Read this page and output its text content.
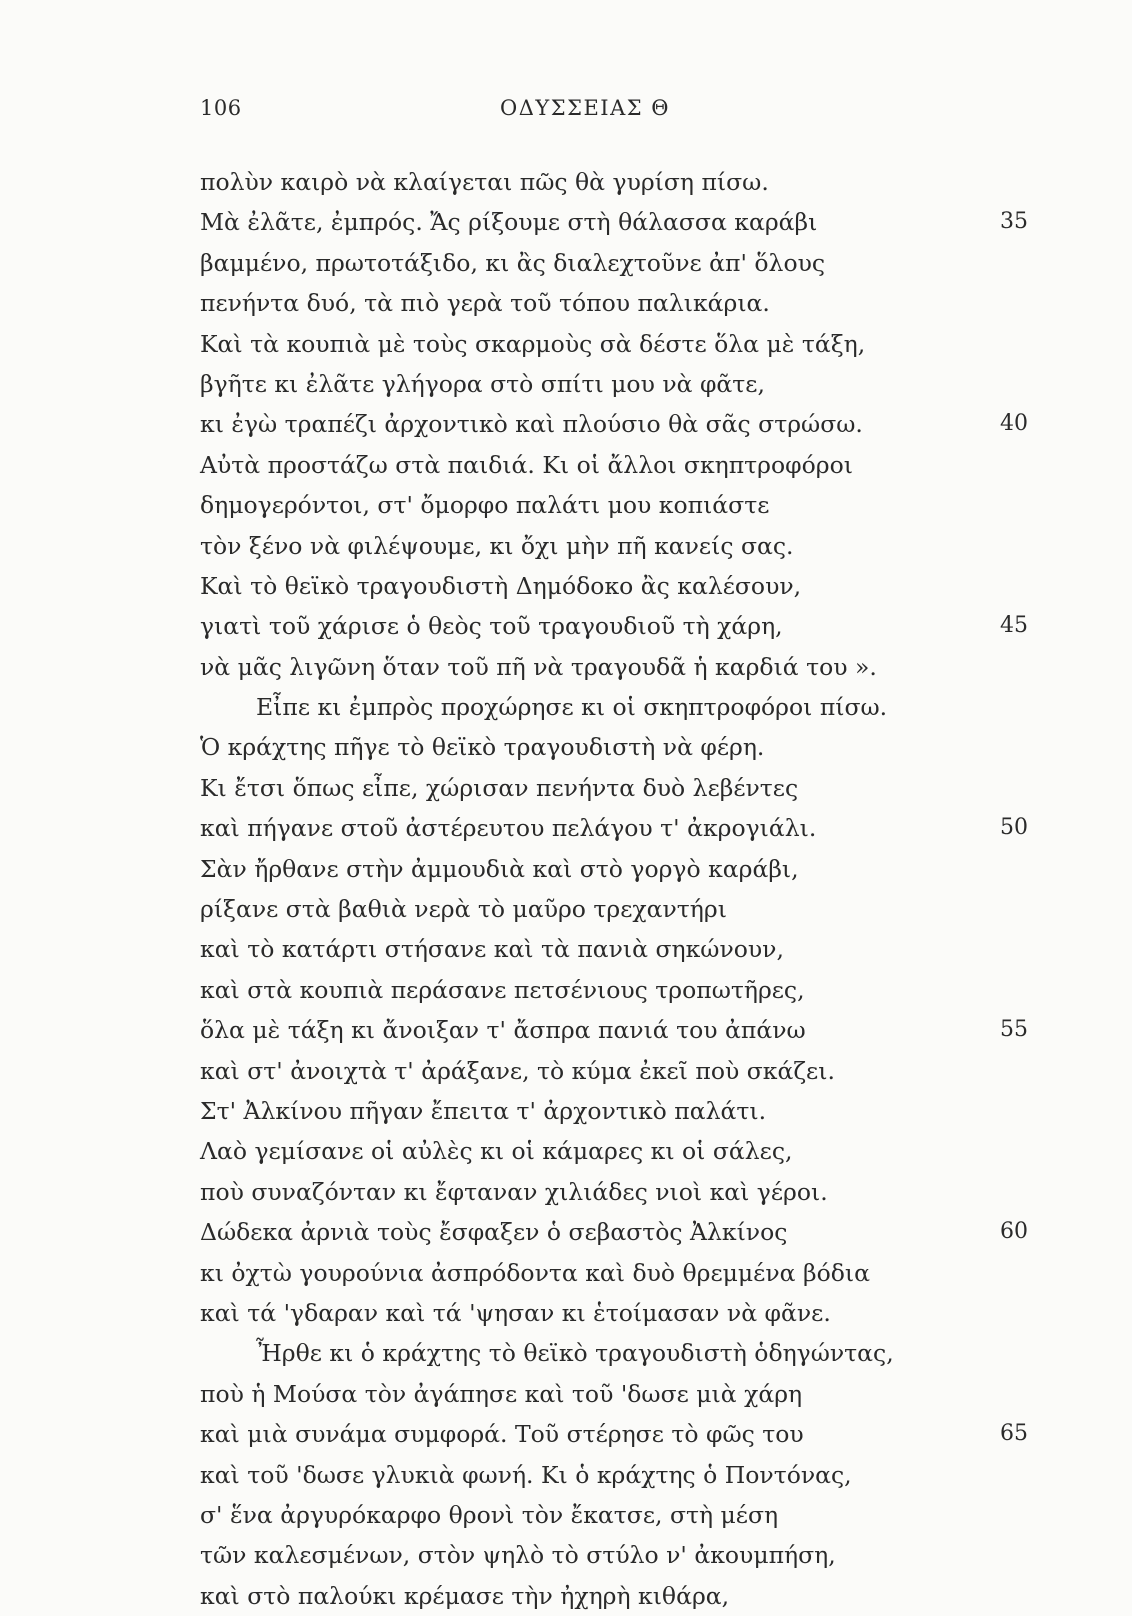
106	ΟΔΥΣΣΕΙΑΣ Θ
πολὺν καιρὸ νὰ κλαίγεται πῶς θὰ γυρίση πίσω.
Μὰ ἐλᾶτε, ἐμπρός. Ἄς ρίξουμε στὴ θάλασσα καράβι	35
βαμμένο, πρωτοτάξιδο, κι ἂς διαλεχτοῦνε ἀπ' ὅλους
πενήντα δυό, τὰ πιὸ γερὰ τοῦ τόπου παλικάρια.
Καὶ τὰ κουπιὰ μὲ τοὺς σκαρμοὺς σὰ δέστε ὅλα μὲ τάξη,
βγῆτε κι ἐλᾶτε γλήγορα στὸ σπίτι μου νὰ φᾶτε,
κι ἐγὼ τραπέζι ἀρχοντικὸ καὶ πλούσιο θὰ σᾶς στρώσω.	40
Αὐτὰ προστάζω στὰ παιδιά. Κι οἱ ἄλλοι σκηπτροφόροι
δημογερόντοι, στ' ὄμορφο παλάτι μου κοπιάστε
τὸν ξένο νὰ φιλέψουμε, κι ὄχι μὴν πῆ κανείς σας.
Καὶ τὸ θεϊκὸ τραγουδιστὴ Δημόδοκο ἂς καλέσουν,
γιατὶ τοῦ χάρισε ὁ θεὸς τοῦ τραγουδιοῦ τὴ χάρη,	45
νὰ μᾶς λιγῶνη ὅταν τοῦ πῆ νὰ τραγουδᾶ ἡ καρδιά του ».
Εἶπε κι ἐμπρὸς προχώρησε κι οἱ σκηπτροφόροι πίσω.
Ὁ κράχτης πῆγε τὸ θεϊκὸ τραγουδιστὴ νὰ φέρη.
Κι ἔτσι ὅπως εἶπε, χώρισαν πενήντα δυὸ λεβέντες
καὶ πήγανε στοῦ ἀστέρευτου πελάγου τ' ἀκρογιάλι.	50
Σὰν ἤρθανε στὴν ἀμμουδιὰ καὶ στὸ γοργὸ καράβι,
ρίξανε στὰ βαθιὰ νερὰ τὸ μαῦρο τρεχαντήρι
καὶ τὸ κατάρτι στήσανε καὶ τὰ πανιὰ σηκώνουν,
καὶ στὰ κουπιὰ περάσανε πετσένιους τροπωτῆρες,
ὅλα μὲ τάξη κι ἄνοιξαν τ' ἄσπρα πανιά του ἀπάνω	55
καὶ στ' ἀνοιχτὰ τ' ἀράξανε, τὸ κύμα ἐκεῖ ποὺ σκάζει.
Στ' Ἀλκίνου πῆγαν ἔπειτα τ' ἀρχοντικὸ παλάτι.
Λαὸ γεμίσανε οἱ αὐλὲς κι οἱ κάμαρες κι οἱ σάλες,
ποὺ συναζόνταν κι ἔφταναν χιλιάδες νιοὶ καὶ γέροι.
Δώδεκα ἀρνιὰ τοὺς ἔσφαξεν ὁ σεβαστὸς Ἀλκίνος	60
κι ὀχτὼ γουρούνια ἀσπρόδοντα καὶ δυὸ θρεμμένα βόδια
καὶ τά 'γδαραν καὶ τά 'ψησαν κι ἑτοίμασαν νὰ φᾶνε.
Ἦρθε κι ὁ κράχτης τὸ θεϊκὸ τραγουδιστὴ ὁδηγώντας,
ποὺ ἡ Μούσα τὸν ἀγάπησε καὶ τοῦ 'δωσε μιὰ χάρη
καὶ μιὰ συνάμα συμφορά. Τοῦ στέρησε τὸ φῶς του	65
καὶ τοῦ 'δωσε γλυκιὰ φωνή. Κι ὁ κράχτης ὁ Ποντόνας,
σ' ἕνα ἀργυρόκαρφο θρονὶ τὸν ἔκατσε, στὴ μέση
τῶν καλεσμένων, στὸν ψηλὸ τὸ στύλο ν' ἀκουμπήση,
καὶ στὸ παλούκι κρέμασε τὴν ἠχηρὴ κιθάρα,
